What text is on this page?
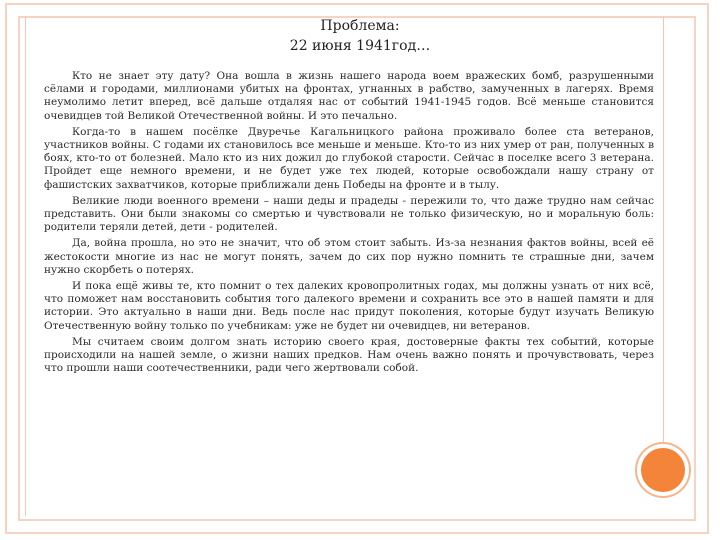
Проблема:
22 июня 1941год…

Кто не знает эту дату? Она вошла в жизнь нашего народа воем вражеских бомб, разрушенными сёлами и городами, миллионами убитых на фронтах, угнанных в рабство, замученных в лагерях. Время неумолимо летит вперед, всё дальше отдаляя нас от событий 1941-1945 годов. Всё меньше становится очевидцев той Великой Отечественной войны. И это печально.

Когда-то в нашем посёлке Двуречье Кагальницкого района проживало более ста ветеранов, участников войны. С годами их становилось все меньше и меньше. Кто-то из них умер от ран, полученных в боях, кто-то от болезней. Мало кто из них дожил до глубокой старости. Сейчас в поселке всего 3 ветерана. Пройдет еще немного времени, и не будет уже тех людей, которые освобождали нашу страну от фашистских захватчиков, которые приближали день Победы на фронте и в тылу.

Великие люди военного времени – наши деды и прадеды - пережили то, что даже трудно нам сейчас представить. Они были знакомы со смертью и чувствовали не только физическую, но и моральную боль: родители теряли детей, дети - родителей.

Да, война прошла, но это не значит, что об этом стоит забыть. Из-за незнания фактов войны, всей её жестокости многие из нас не могут понять, зачем до сих пор нужно помнить те страшные дни, зачем нужно скорбеть о потерях.

И пока ещё живы те, кто помнит о тех далеких кровопролитных годах, мы должны узнать от них всё, что поможет нам восстановить события того далекого времени и сохранить все это в нашей памяти и для истории. Это актуально в наши дни. Ведь после нас придут поколения, которые будут изучать Великую Отечественную войну только по учебникам: уже не будет ни очевидцев, ни ветеранов.

Мы считаем своим долгом знать историю своего края, достоверные факты тех событий, которые происходили на нашей земле, о жизни наших предков. Нам очень важно понять и прочувствовать, через что прошли наши соотечественники, ради чего жертвовали собой.
